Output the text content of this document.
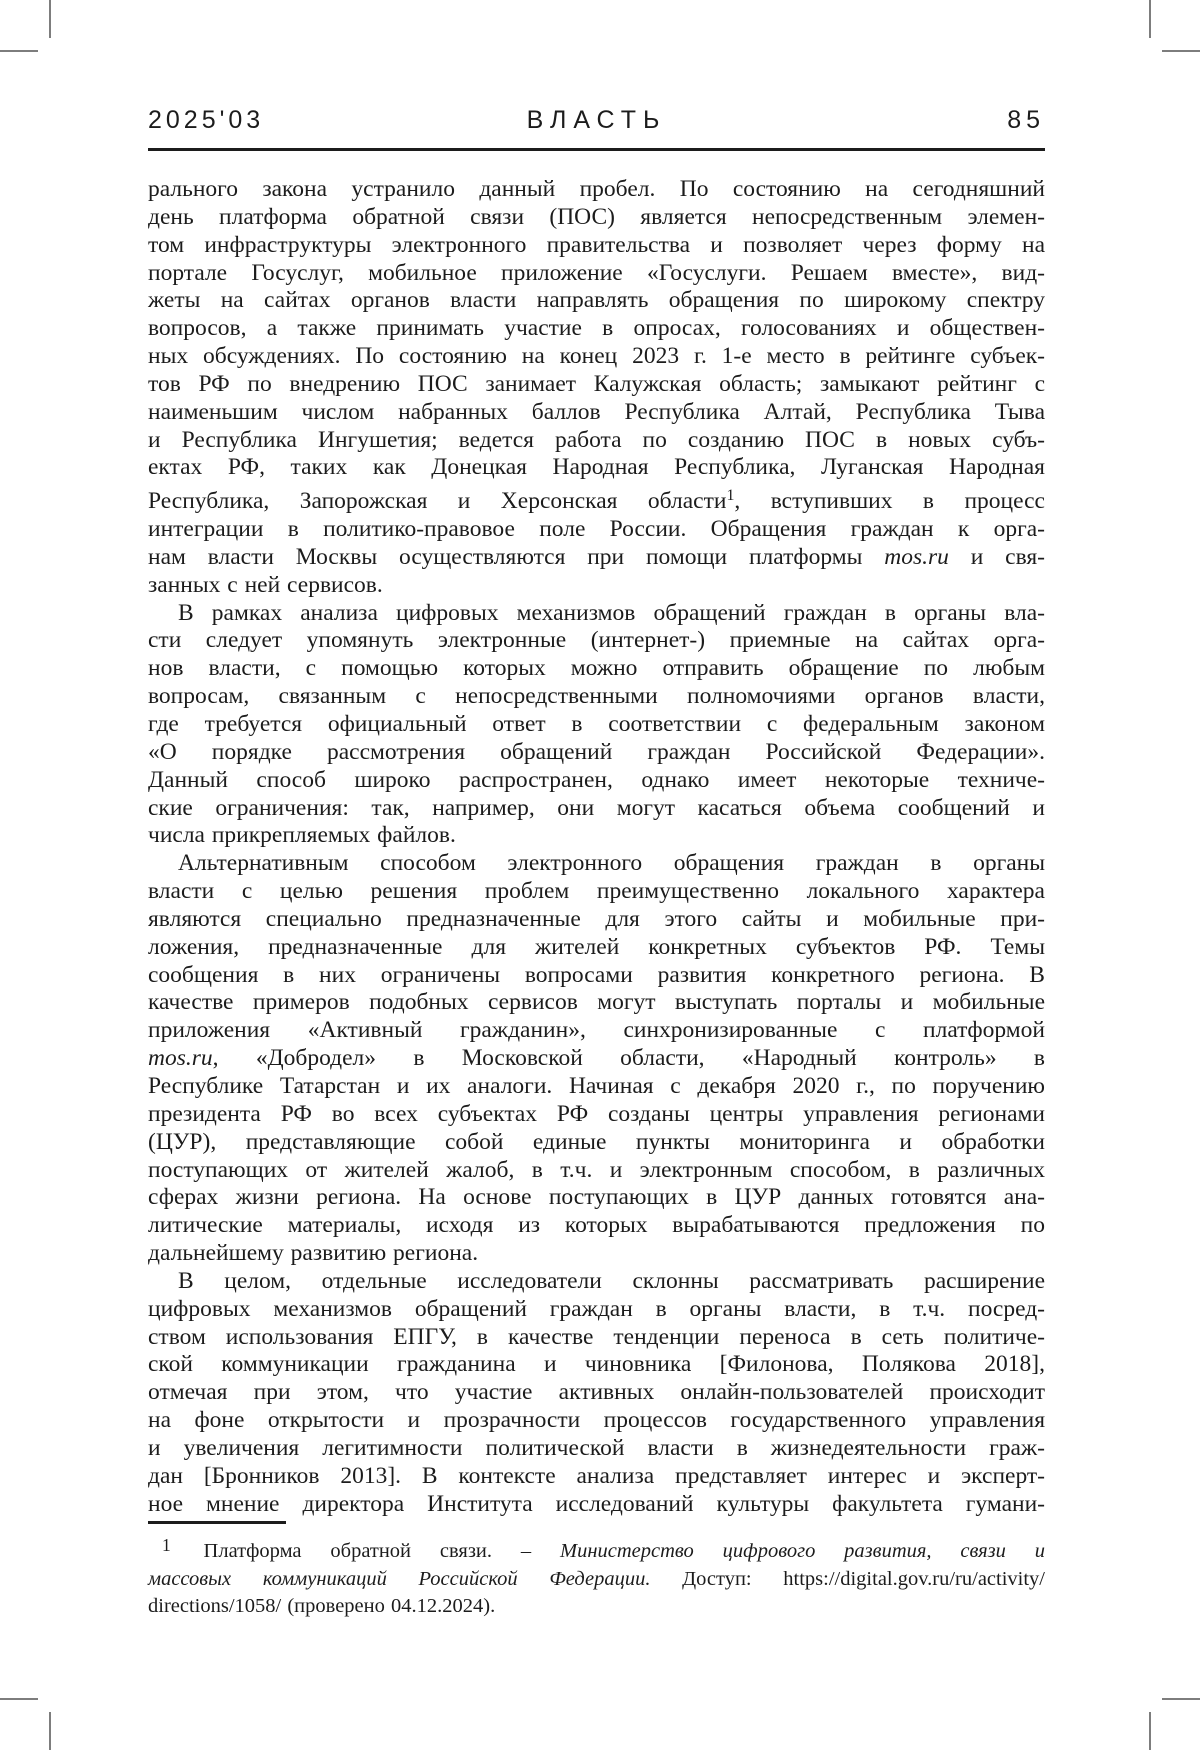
2025'03	ВЛАСТЬ	85
рального закона устранило данный пробел. По состоянию на сегодняшний
день платформа обратной связи (ПОС) является непосредственным элемен-
том инфраструктуры электронного правительства и позволяет через форму на
портале Госуслуг, мобильное приложение «Госуслуги. Решаем вместе», вид-
жеты на сайтах органов власти направлять обращения по широкому спектру
вопросов, а также принимать участие в опросах, голосованиях и обществен-
ных обсуждениях. По состоянию на конец 2023 г. 1-е место в рейтинге субъек-
тов РФ по внедрению ПОС занимает Калужская область; замыкают рейтинг с
наименьшим числом набранных баллов Республика Алтай, Республика Тыва
и Республика Ингушетия; ведется работа по созданию ПОС в новых субъ-
ектах РФ, таких как Донецкая Народная Республика, Луганская Народная
Республика, Запорожская и Херсонская области$^1$, вступивших в процесс
интеграции в политико-правовое поле России. Обращения граждан к орга-
нам власти Москвы осуществляются при помощи платформы mos.ru и свя-
занных с ней сервисов.
В рамках анализа цифровых механизмов обращений граждан в органы вла-
сти следует упомянуть электронные (интернет-) приемные на сайтах орга-
нов власти, с помощью которых можно отправить обращение по любым
вопросам, связанным с непосредственными полномочиями органов власти,
где требуется официальный ответ в соответствии с федеральным законом
«О порядке рассмотрения обращений граждан Российской Федерации».
Данный способ широко распространен, однако имеет некоторые техниче-
ские ограничения: так, например, они могут касаться объема сообщений и
числа прикрепляемых файлов.
Альтернативным способом электронного обращения граждан в органы
власти с целью решения проблем преимущественно локального характера
являются специально предназначенные для этого сайты и мобильные при-
ложения, предназначенные для жителей конкретных субъектов РФ. Темы
сообщения в них ограничены вопросами развития конкретного региона. В
качестве примеров подобных сервисов могут выступать порталы и мобильные
приложения «Активный гражданин», синхронизированные с платформой
mos.ru, «Добродел» в Московской области, «Народный контроль» в
Республике Татарстан и их аналоги. Начиная с декабря 2020 г., по поручению
президента РФ во всех субъектах РФ созданы центры управления регионами
(ЦУР), представляющие собой единые пункты мониторинга и обработки
поступающих от жителей жалоб, в т.ч. и электронным способом, в различных
сферах жизни региона. На основе поступающих в ЦУР данных готовятся ана-
литические материалы, исходя из которых вырабатываются предложения по
дальнейшему развитию региона.
В целом, отдельные исследователи склонны рассматривать расширение
цифровых механизмов обращений граждан в органы власти, в т.ч. посред-
ством использования ЕПГУ, в качестве тенденции переноса в сеть политиче-
ской коммуникации гражданина и чиновника [Филонова, Полякова 2018],
отмечая при этом, что участие активных онлайн-пользователей происходит
на фоне открытости и прозрачности процессов государственного управления
и увеличения легитимности политической власти в жизнедеятельности граж-
дан [Бронников 2013]. В контексте анализа представляет интерес и эксперт-
ное мнение директора Института исследований культуры факультета гумани-
$^1$ Платформа обратной связи. – Министерство цифрового развития, связи и
массовых коммуникаций Российской Федерации. Доступ: https://digital.gov.ru/ru/activity/
directions/1058/ (проверено 04.12.2024).
